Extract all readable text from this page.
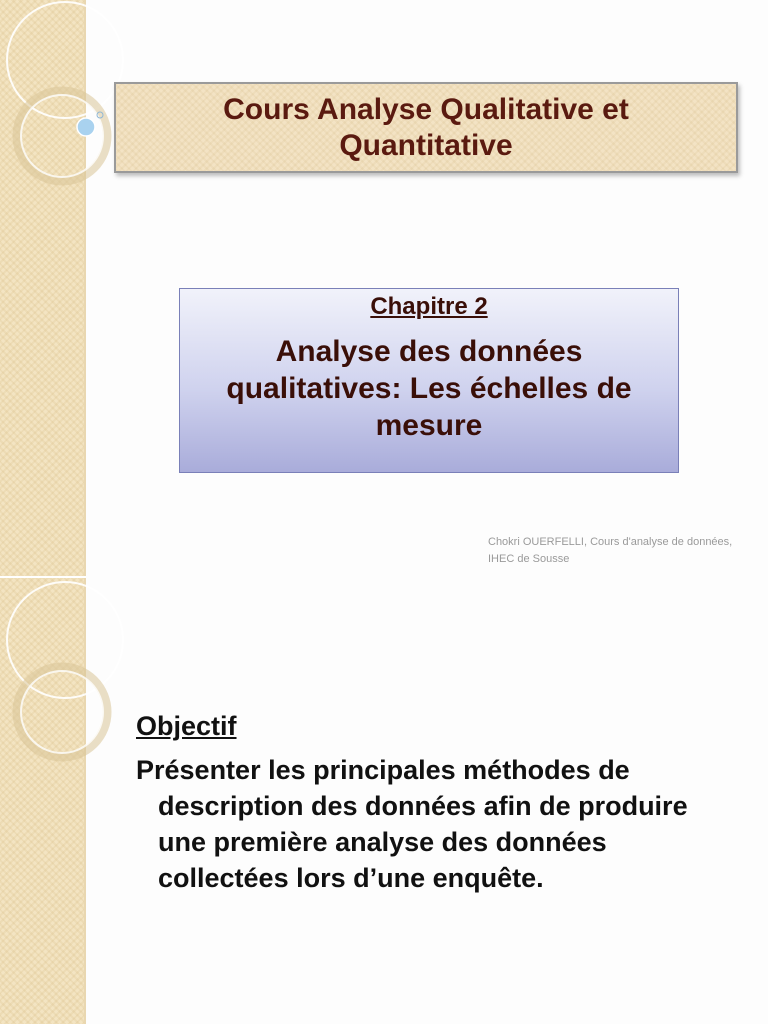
Cours Analyse Qualitative et Quantitative
Chapitre 2
Analyse des données qualitatives: Les échelles de mesure
Chokri OUERFELLI, Cours d'analyse de données, IHEC de Sousse
Objectif
Présenter les principales méthodes de description des données afin de produire une première analyse des données collectées lors d’une enquête.
